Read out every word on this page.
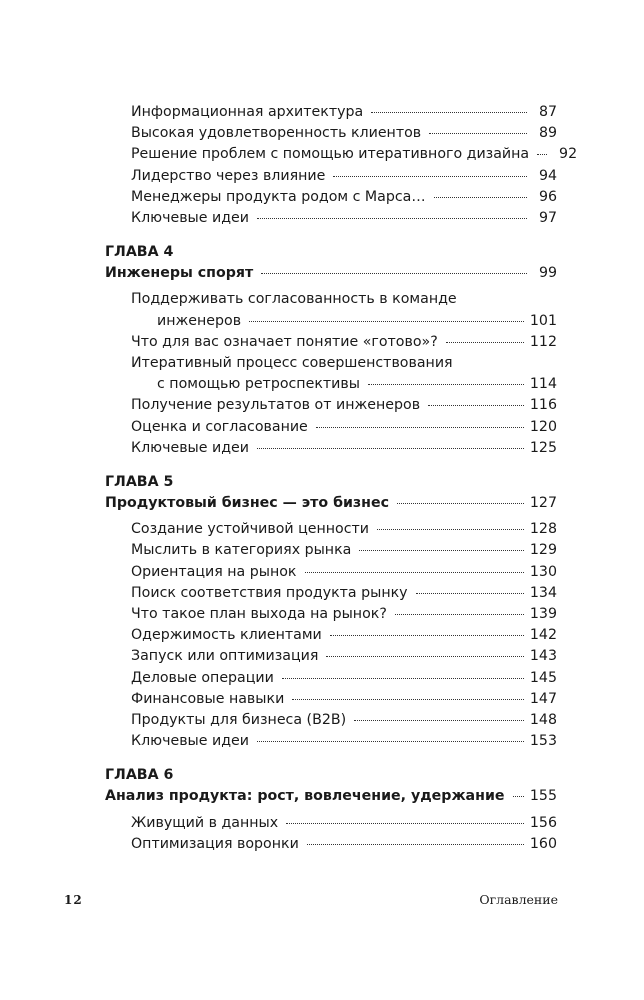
Информационная архитектура	87
Высокая удовлетворенность клиентов	89
Решение проблем с помощью итеративного дизайна	92
Лидерство через влияние	94
Менеджеры продукта родом с Марса…	96
Ключевые идеи	97
ГЛАВА 4
Инженеры спорят	99
Поддерживать согласованность в команде
инженеров	101
Что для вас означает понятие «готово»?	112
Итеративный процесс совершенствования
с помощью ретроспективы	114
Получение результатов от инженеров	116
Оценка и согласование	120
Ключевые идеи	125
ГЛАВА 5
Продуктовый бизнес — это бизнес	127
Создание устойчивой ценности	128
Мыслить в категориях рынка	129
Ориентация на рынок	130
Поиск соответствия продукта рынку	134
Что такое план выхода на рынок?	139
Одержимость клиентами	142
Запуск или оптимизация	143
Деловые операции	145
Финансовые навыки	147
Продукты для бизнеса (B2B)	148
Ключевые идеи	153
ГЛАВА 6
Анализ продукта: рост, вовлечение, удержание 155
Живущий в данных	156
Оптимизация воронки	160
12	Оглавление
